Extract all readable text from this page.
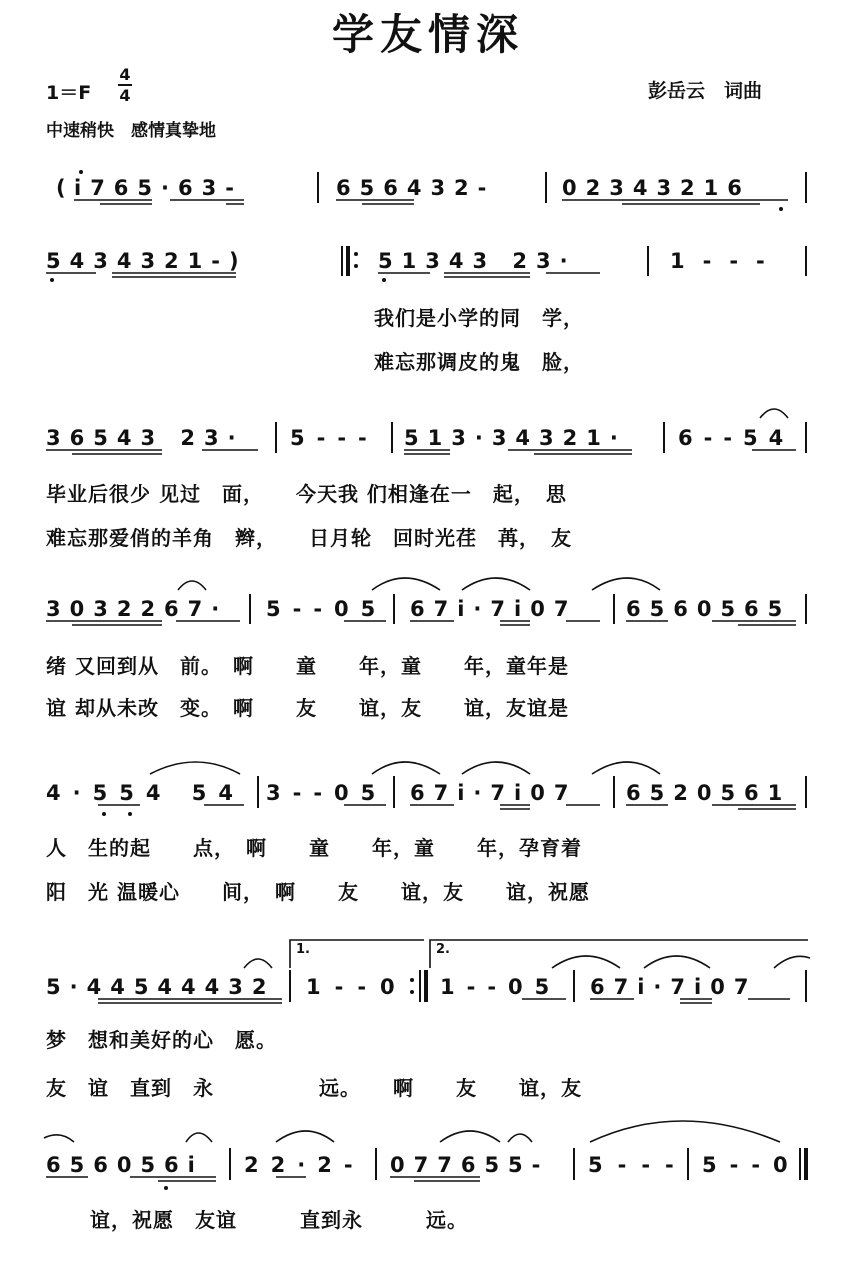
学友情深
1＝F
4
4	彭岳云　词曲
中速稍快　感情真挚地
我们是小学的同　学，
难忘那调皮的鬼　脸，
毕业后很少 见过　面，　　今天我 们相逢在一　起，　思
难忘那爱俏的羊角　辫，　　日月轮　回时光荏　苒，　友
绪 又回到从　前。　啊　　童　　年，童　　年，童年是
谊 却从未改　变。　啊　　友　　谊，友　　谊，友谊是
人　生的起　　点，　啊　　童　　年，童　　年，孕育着
阳　光 温暖心　　间，　啊　　友　　谊，友　　谊，祝愿
梦　想和美好的心　愿。
友　谊　直到　永　　　　　远。　　啊　　友　　谊，友
谊，祝愿　友谊　　　直到永　　　远。
1.	2.
( i765·63-	656432-	02343216
5434321-)	51343 23·	1---
36543 23· 5--- 513·34321· 6--54
3032267· 5--05 67i·7i07 6560565
4·554 54 3--05 67i·7i07 6520561
5·44544432 1--0 1--05 67i·7i07
656056i 22·2- 077655- 5--- 5--0
